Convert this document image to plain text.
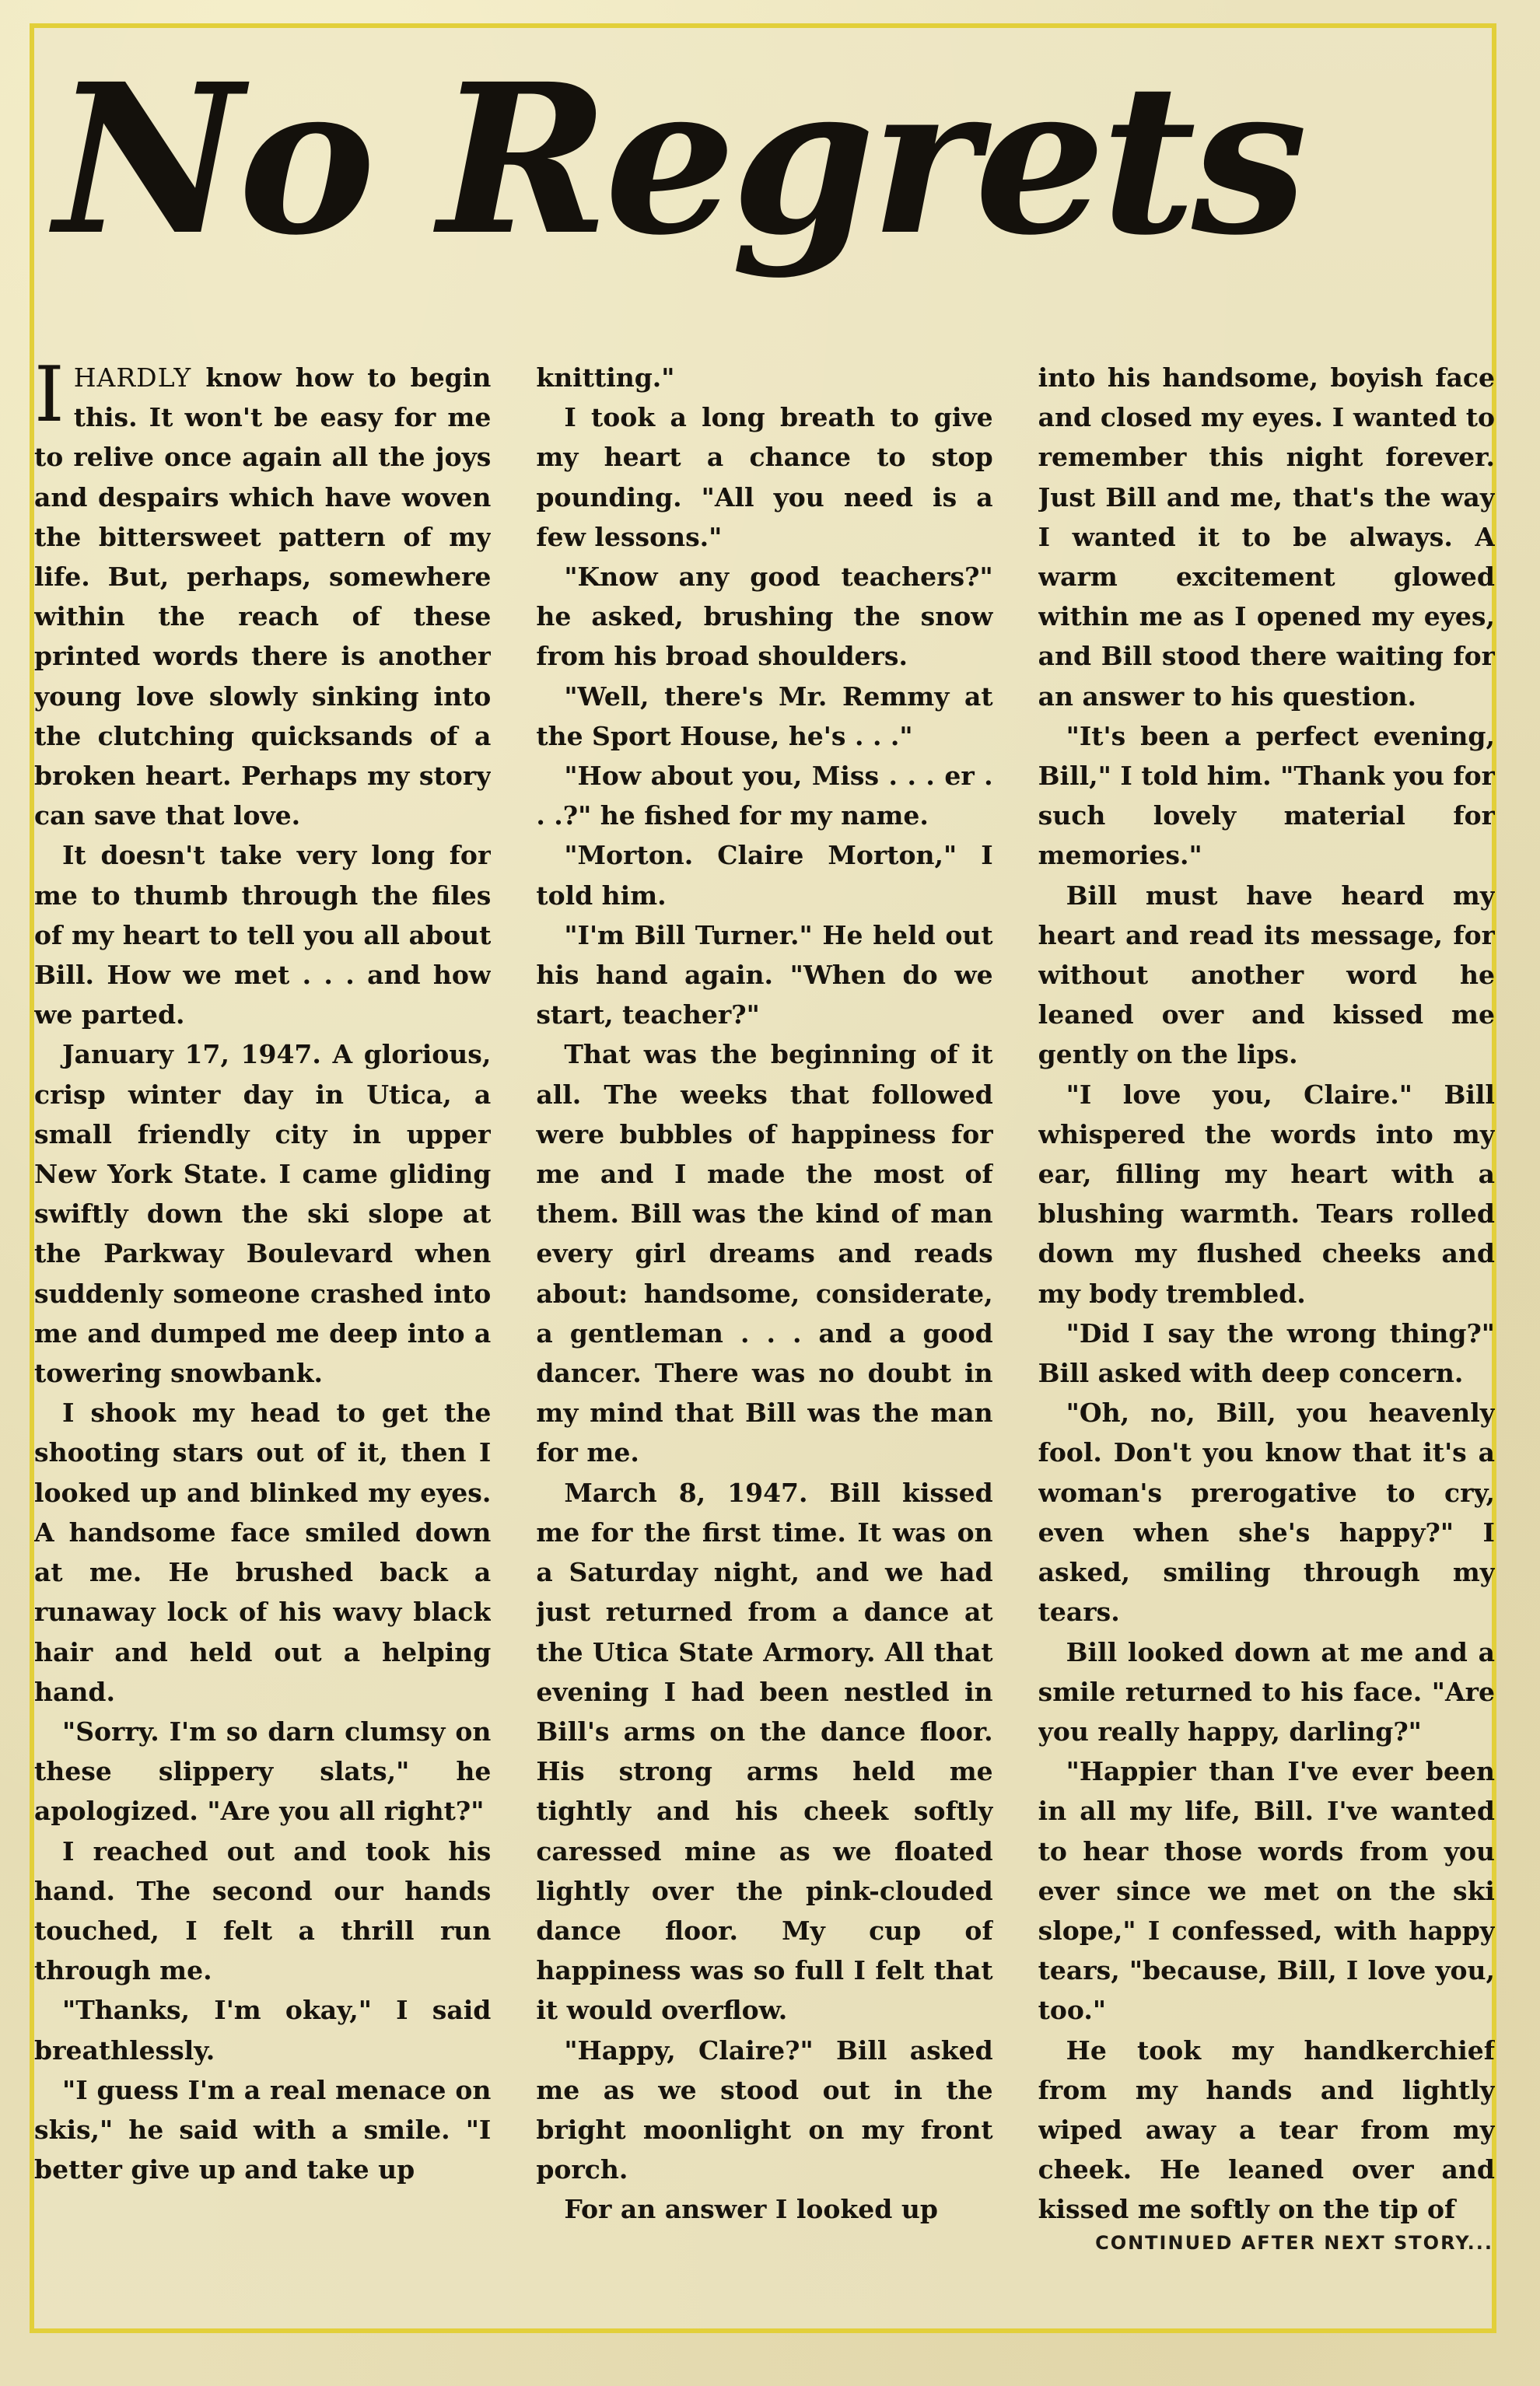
No Regrets

I HARDLY know how to begin this. It won't be easy for me to relive once again all the joys and despairs which have woven the bittersweet pattern of my life. But, perhaps, somewhere within the reach of these printed words there is another young love slowly sinking into the clutching quicksands of a broken heart. Perhaps my story can save that love.

It doesn't take very long for me to thumb through the files of my heart to tell you all about Bill. How we met . . . and how we parted.

January 17, 1947. A glorious, crisp winter day in Utica, a small friendly city in upper New York State. I came gliding swiftly down the ski slope at the Parkway Boulevard when suddenly someone crashed into me and dumped me deep into a towering snowbank.

I shook my head to get the shooting stars out of it, then I looked up and blinked my eyes. A handsome face smiled down at me. He brushed back a runaway lock of his wavy black hair and held out a helping hand.

"Sorry. I'm so darn clumsy on these slippery slats," he apologized. "Are you all right?"

I reached out and took his hand. The second our hands touched, I felt a thrill run through me.

"Thanks, I'm okay," I said breathlessly.

"I guess I'm a real menace on skis," he said with a smile. "I better give up and take up

knitting."

I took a long breath to give my heart a chance to stop pounding. "All you need is a few lessons."

"Know any good teachers?" he asked, brushing the snow from his broad shoulders.

"Well, there's Mr. Remmy at the Sport House, he's . . ."

"How about you, Miss . . . er . . .?" he fished for my name.

"Morton. Claire Morton," I told him.

"I'm Bill Turner." He held out his hand again. "When do we start, teacher?"

That was the beginning of it all. The weeks that followed were bubbles of happiness for me and I made the most of them. Bill was the kind of man every girl dreams and reads about: handsome, considerate, a gentleman . . . and a good dancer. There was no doubt in my mind that Bill was the man for me.

March 8, 1947. Bill kissed me for the first time. It was on a Saturday night, and we had just returned from a dance at the Utica State Armory. All that evening I had been nestled in Bill's arms on the dance floor. His strong arms held me tightly and his cheek softly caressed mine as we floated lightly over the pink-clouded dance floor. My cup of happiness was so full I felt that it would overflow.

"Happy, Claire?" Bill asked me as we stood out in the bright moonlight on my front porch.

For an answer I looked up

into his handsome, boyish face and closed my eyes. I wanted to remember this night forever. Just Bill and me, that's the way I wanted it to be always. A warm excitement glowed within me as I opened my eyes, and Bill stood there waiting for an answer to his question.

"It's been a perfect evening, Bill," I told him. "Thank you for such lovely material for memories."

Bill must have heard my heart and read its message, for without another word he leaned over and kissed me gently on the lips.

"I love you, Claire." Bill whispered the words into my ear, filling my heart with a blushing warmth. Tears rolled down my flushed cheeks and my body trembled.

"Did I say the wrong thing?" Bill asked with deep concern.

"Oh, no, Bill, you heavenly fool. Don't you know that it's a woman's prerogative to cry, even when she's happy?" I asked, smiling through my tears.

Bill looked down at me and a smile returned to his face. "Are you really happy, darling?"

"Happier than I've ever been in all my life, Bill. I've wanted to hear those words from you ever since we met on the ski slope," I confessed, with happy tears, "because, Bill, I love you, too."

He took my handkerchief from my hands and lightly wiped away a tear from my cheek. He leaned over and kissed me softly on the tip of

CONTINUED AFTER NEXT STORY...
